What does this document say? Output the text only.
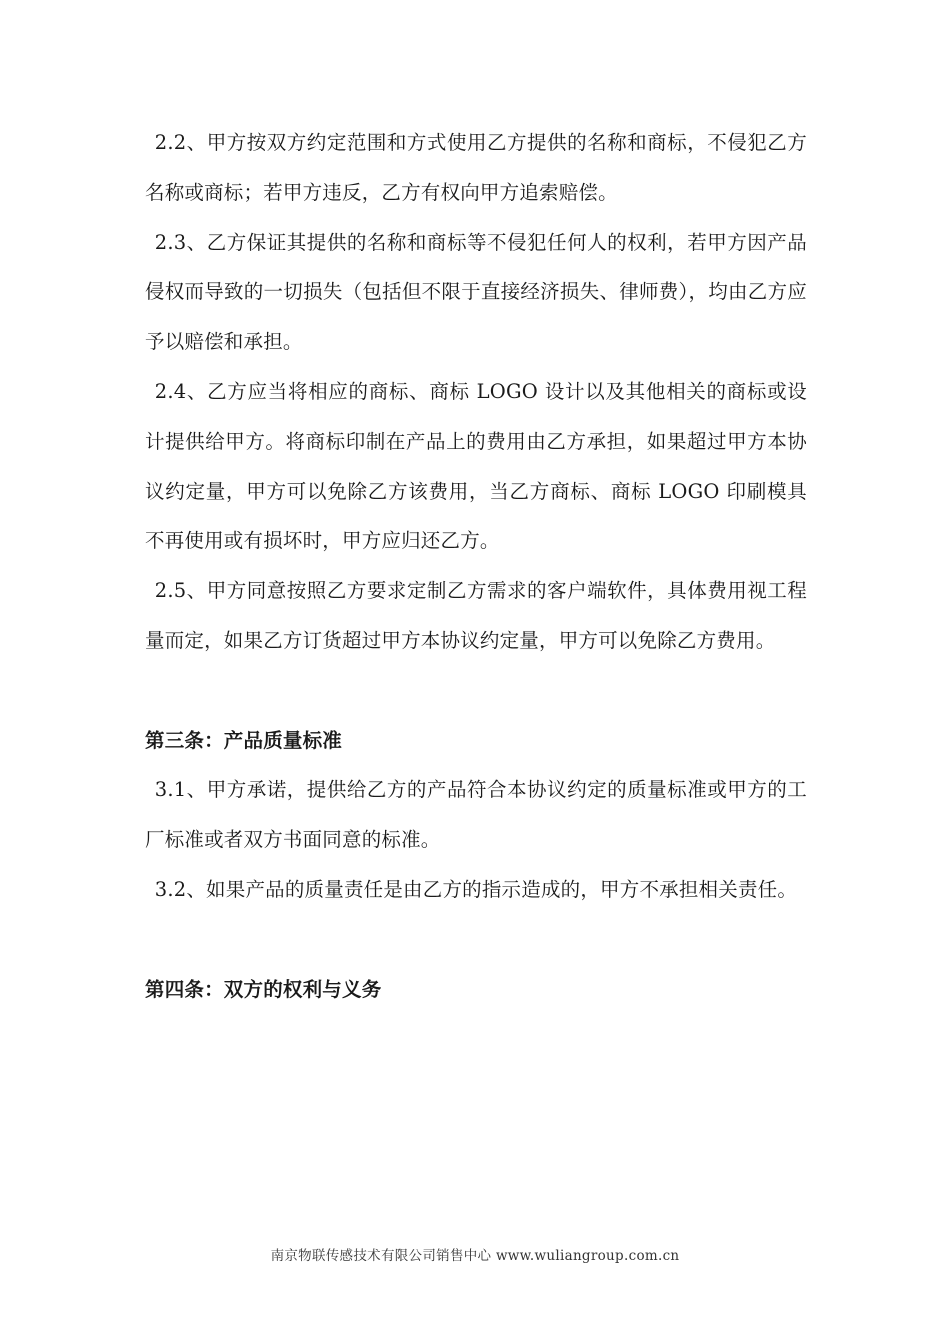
2.2、甲方按双方约定范围和方式使用乙方提供的名称和商标，不侵犯乙方名称或商标；若甲方违反，乙方有权向甲方追索赔偿。

2.3、乙方保证其提供的名称和商标等不侵犯任何人的权利，若甲方因产品侵权而导致的一切损失（包括但不限于直接经济损失、律师费），均由乙方应予以赔偿和承担。

2.4、乙方应当将相应的商标、商标 LOGO 设计以及其他相关的商标或设计提供给甲方。将商标印制在产品上的费用由乙方承担，如果超过甲方本协议约定量，甲方可以免除乙方该费用，当乙方商标、商标 LOGO 印刷模具不再使用或有损坏时，甲方应归还乙方。

2.5、甲方同意按照乙方要求定制乙方需求的客户端软件，具体费用视工程量而定，如果乙方订货超过甲方本协议约定量，甲方可以免除乙方费用。

第三条：产品质量标准

3.1、甲方承诺，提供给乙方的产品符合本协议约定的质量标准或甲方的工厂标准或者双方书面同意的标准。

3.2、如果产品的质量责任是由乙方的指示造成的，甲方不承担相关责任。

第四条：双方的权利与义务

南京物联传感技术有限公司销售中心 www.wuliangroup.com.cn
